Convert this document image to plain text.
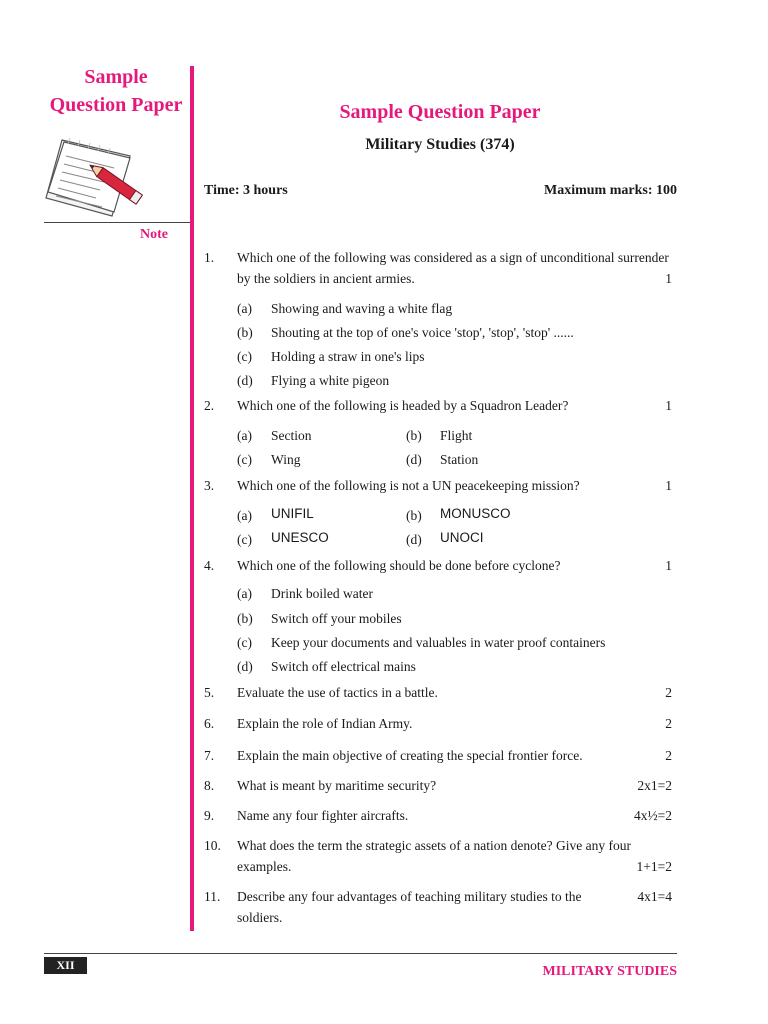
Sample
Question Paper
Note
Sample Question Paper
Military Studies (374)
Time: 3 hours	Maximum marks: 100
1. Which one of the following was considered as a sign of unconditional surrender
by the soldiers in ancient armies.	1
(a) Showing and waving a white flag
(b) Shouting at the top of one's voice 'stop', 'stop', 'stop' ......
(c) Holding a straw in one's lips
(d) Flying a white pigeon
2. Which one of the following is headed by a Squadron Leader?	1
(a) Section	(b) Flight
(c) Wing	(d) Station
3. Which one of the following is not a UN peacekeeping mission?	1
(a) UNIFIL	(b) MONUSCO
(c) UNESCO	(d) UNOCI
4. Which one of the following should be done before cyclone?	1
(a) Drink boiled water
(b) Switch off your mobiles
(c) Keep your documents and valuables in water proof containers
(d) Switch off electrical mains
5. Evaluate the use of tactics in a battle.	2
6. Explain the role of Indian Army.	2
7. Explain the main objective of creating the special frontier force.	2
8. What is meant by maritime security?	2x1=2
9. Name any four fighter aircrafts.	4x½=2
10. What does the term the strategic assets of a nation denote? Give any four
examples.	1+1=2
11. Describe any four advantages of teaching military studies to the soldiers.
4x1=4
XII	MILITARY STUDIES
